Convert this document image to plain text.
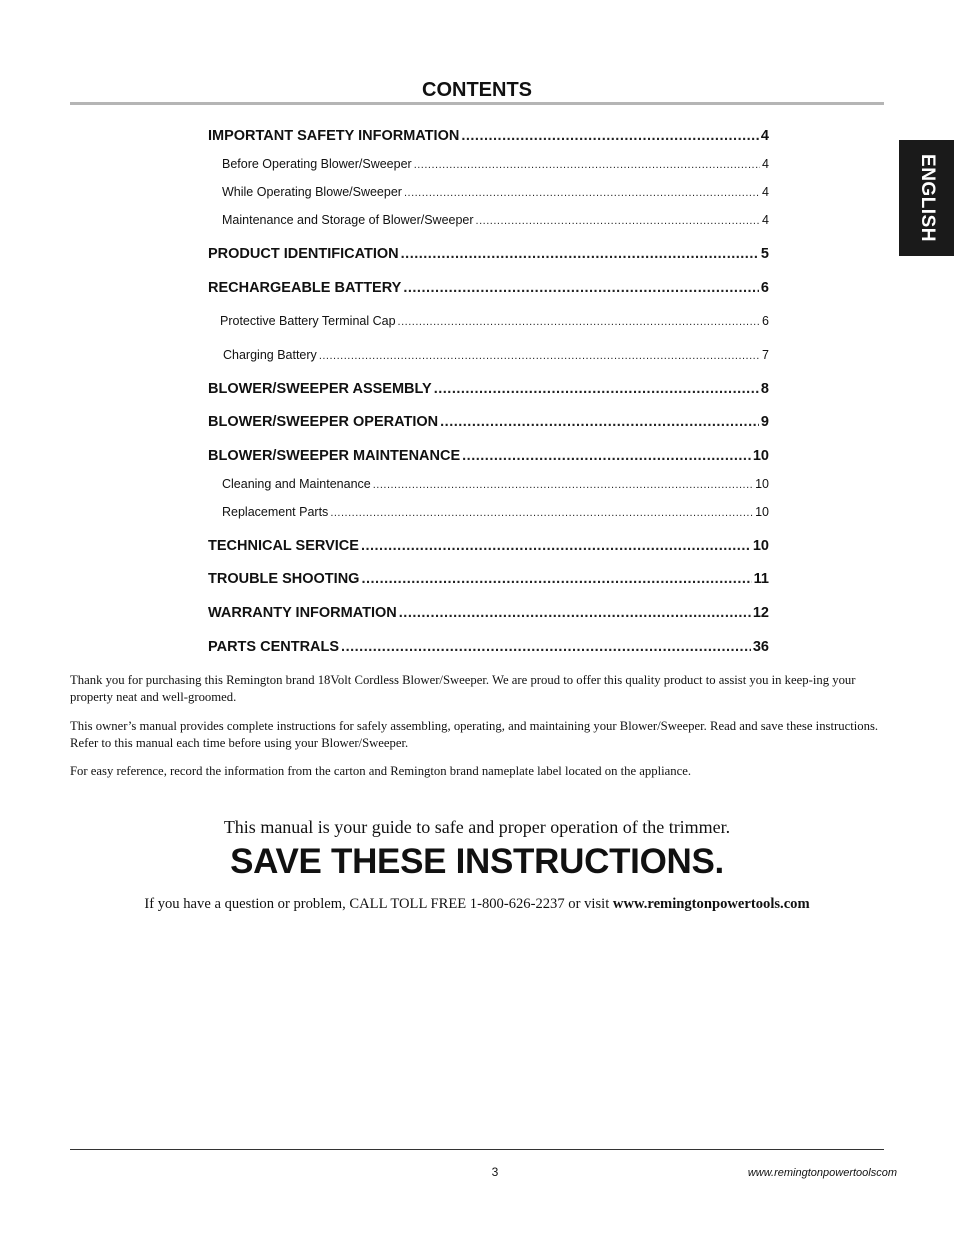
CONTENTS
ENGLISH
IMPORTANT SAFETY INFORMATION .....	4
Before Operating Blower/Sweeper .....	4
While Operating Blowe/Sweeper .....	4
Maintenance and Storage of Blower/Sweeper .....	4
PRODUCT IDENTIFICATION .....	5
RECHARGEABLE BATTERY .....	6
Protective Battery Terminal Cap .....	6
Charging Battery .....	7
BLOWER/SWEEPER ASSEMBLY .....	8
BLOWER/SWEEPER OPERATION .....	9
BLOWER/SWEEPER MAINTENANCE .....	10
Cleaning and Maintenance .....	10
Replacement Parts .....	10
TECHNICAL SERVICE .....	10
TROUBLE SHOOTING .....	11
WARRANTY INFORMATION .....	12
PARTS CENTRALS .....	36

Thank you for purchasing this Remington brand 18Volt Cordless Blower/Sweeper. We are proud to offer this quality product to assist you in keep-ing your property neat and well-groomed.

This owner’s manual provides complete instructions for safely assembling, operating, and maintaining your Blower/Sweeper. Read and save these instructions. Refer to this manual each time before using your Blower/Sweeper.

For easy reference, record the information from the carton and Remington brand nameplate label located on the appliance.

This manual is your guide to safe and proper operation of the trimmer.
SAVE THESE INSTRUCTIONS.
If you have a question or problem, CALL TOLL FREE 1-800-626-2237 or visit www.remingtonpowertools.com
3	www.remingtonpowertoolscom
